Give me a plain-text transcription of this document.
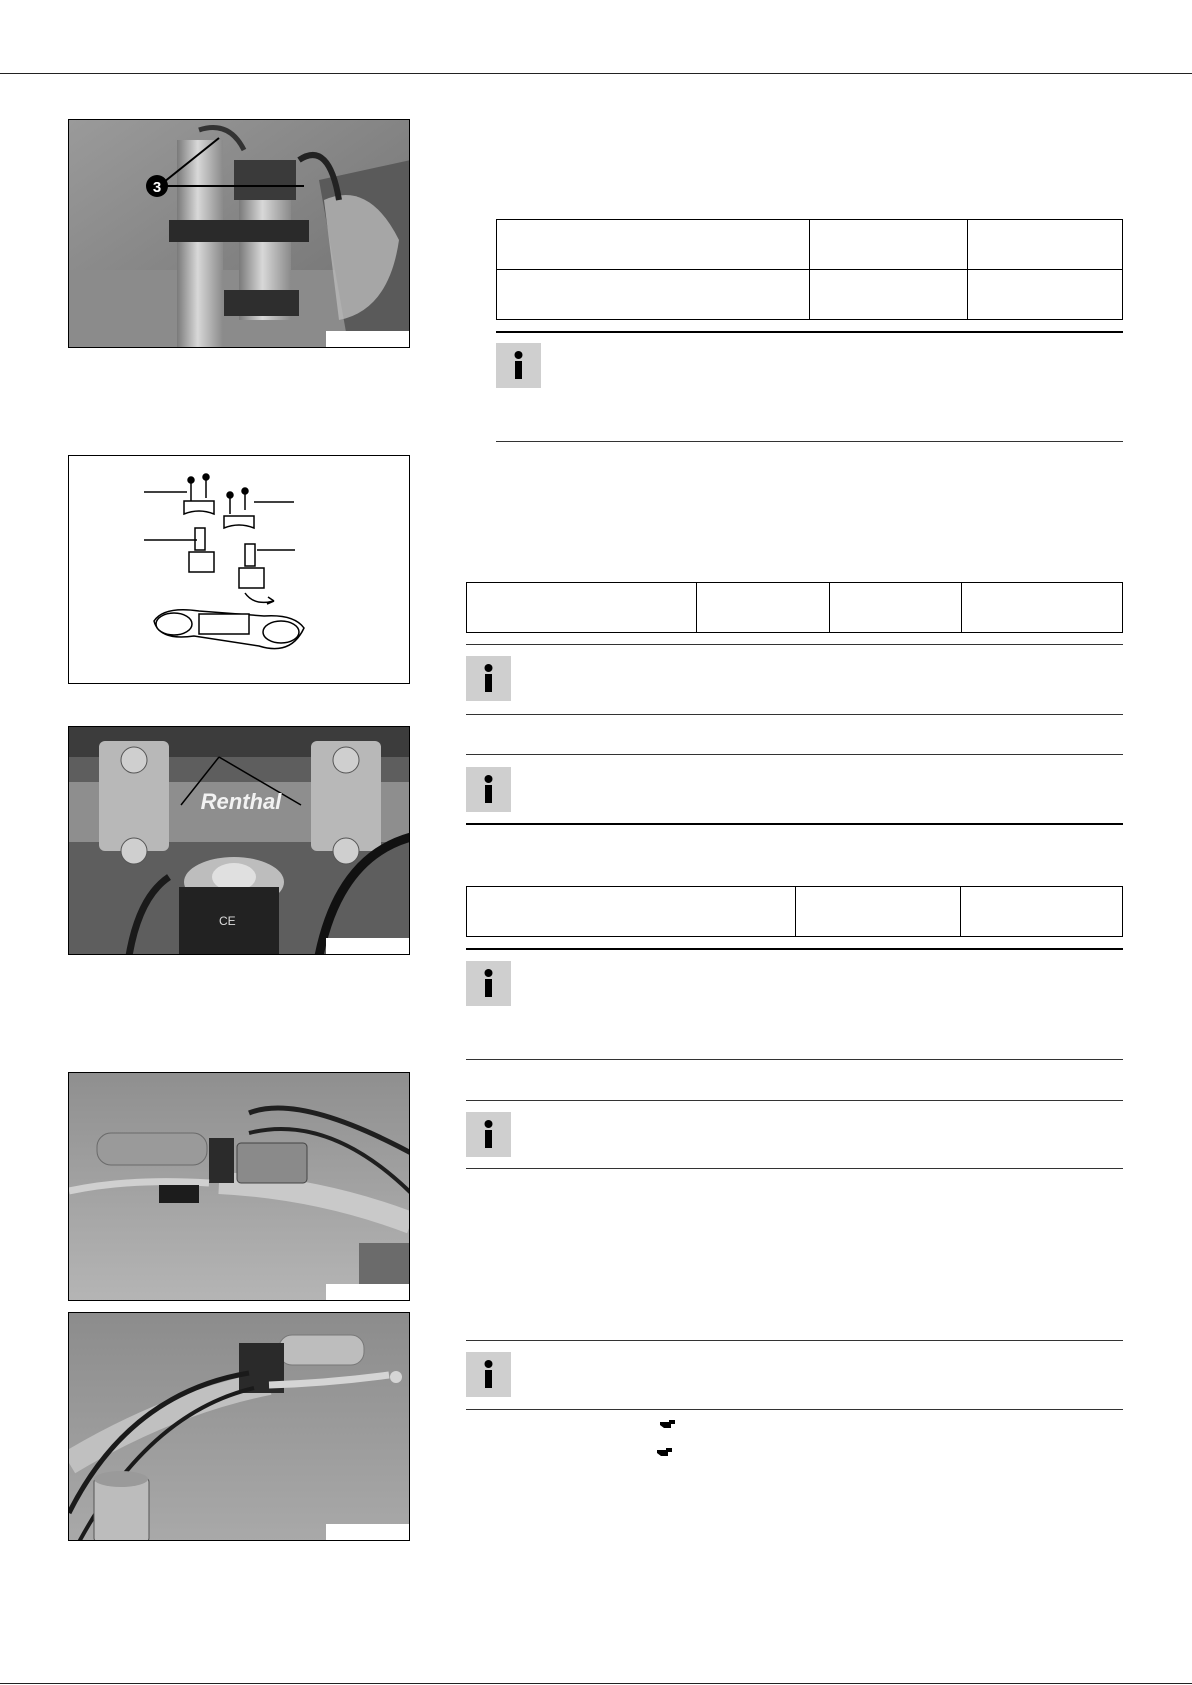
3
Renthal
CE
